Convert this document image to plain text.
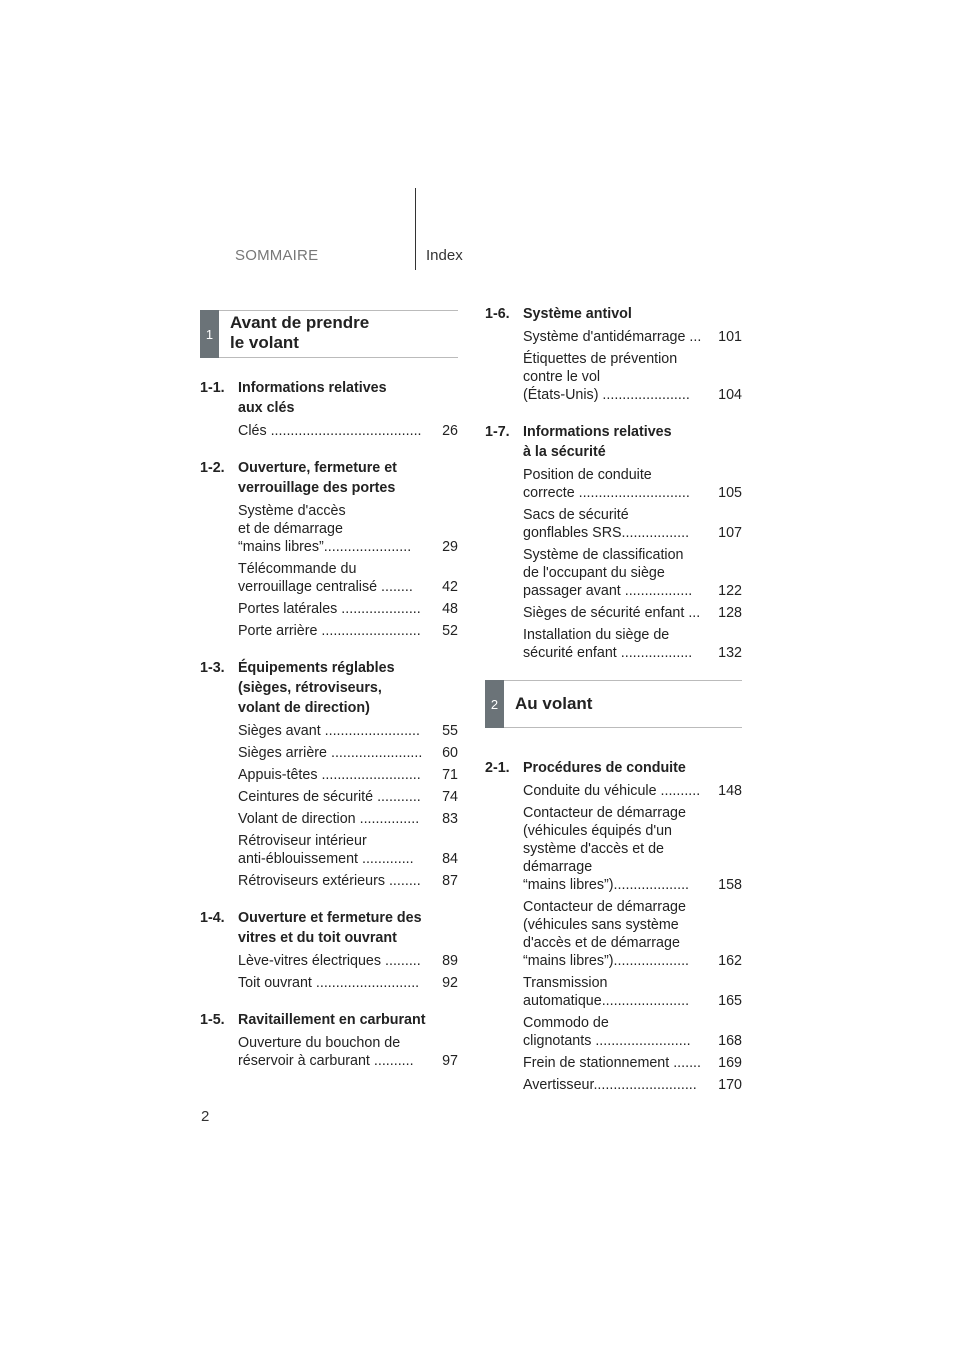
SOMMAIRE	Index
1
Avant de prendre
le volant
1-1. Informations relatives
aux clés
Clés ......................................	26
1-2. Ouverture, fermeture et
verrouillage des portes
Système d'accès
et de démarrage
“mains libres”......................	29
Télécommande du
verrouillage centralisé ........	42
Portes latérales ....................	48
Porte arrière .........................	52
1-3. Équipements réglables
(sièges, rétroviseurs,
volant de direction)
Sièges avant ........................	55
Sièges arrière .......................	60
Appuis-têtes .........................	71
Ceintures de sécurité ...........	74
Volant de direction ...............	83
Rétroviseur intérieur
anti-éblouissement .............	84
Rétroviseurs extérieurs ........	87
1-4. Ouverture et fermeture des
vitres et du toit ouvrant
Lève-vitres électriques .........	89
Toit ouvrant ..........................	92
1-5. Ravitaillement en carburant
Ouverture du bouchon de
réservoir à carburant ..........	97
1-6. Système antivol
Système d'antidémarrage ...	101
Étiquettes de prévention
contre le vol
(États-Unis) ......................	104
1-7. Informations relatives
à la sécurité
Position de conduite
correcte ............................	105
Sacs de sécurité
gonflables SRS.................	107
Système de classification
de l'occupant du siège
passager avant .................	122
Sièges de sécurité enfant ...	128
Installation du siège de
sécurité enfant ..................	132
2 Au volant
2-1. Procédures de conduite
Conduite du véhicule ..........	148
Contacteur de démarrage
(véhicules équipés d'un
système d'accès et de
démarrage
“mains libres”)...................	158
Contacteur de démarrage
(véhicules sans système
d'accès et de démarrage
“mains libres”)...................	162
Transmission
automatique......................	165
Commodo de
clignotants ........................	168
Frein de stationnement .......	169
Avertisseur..........................	170
2
